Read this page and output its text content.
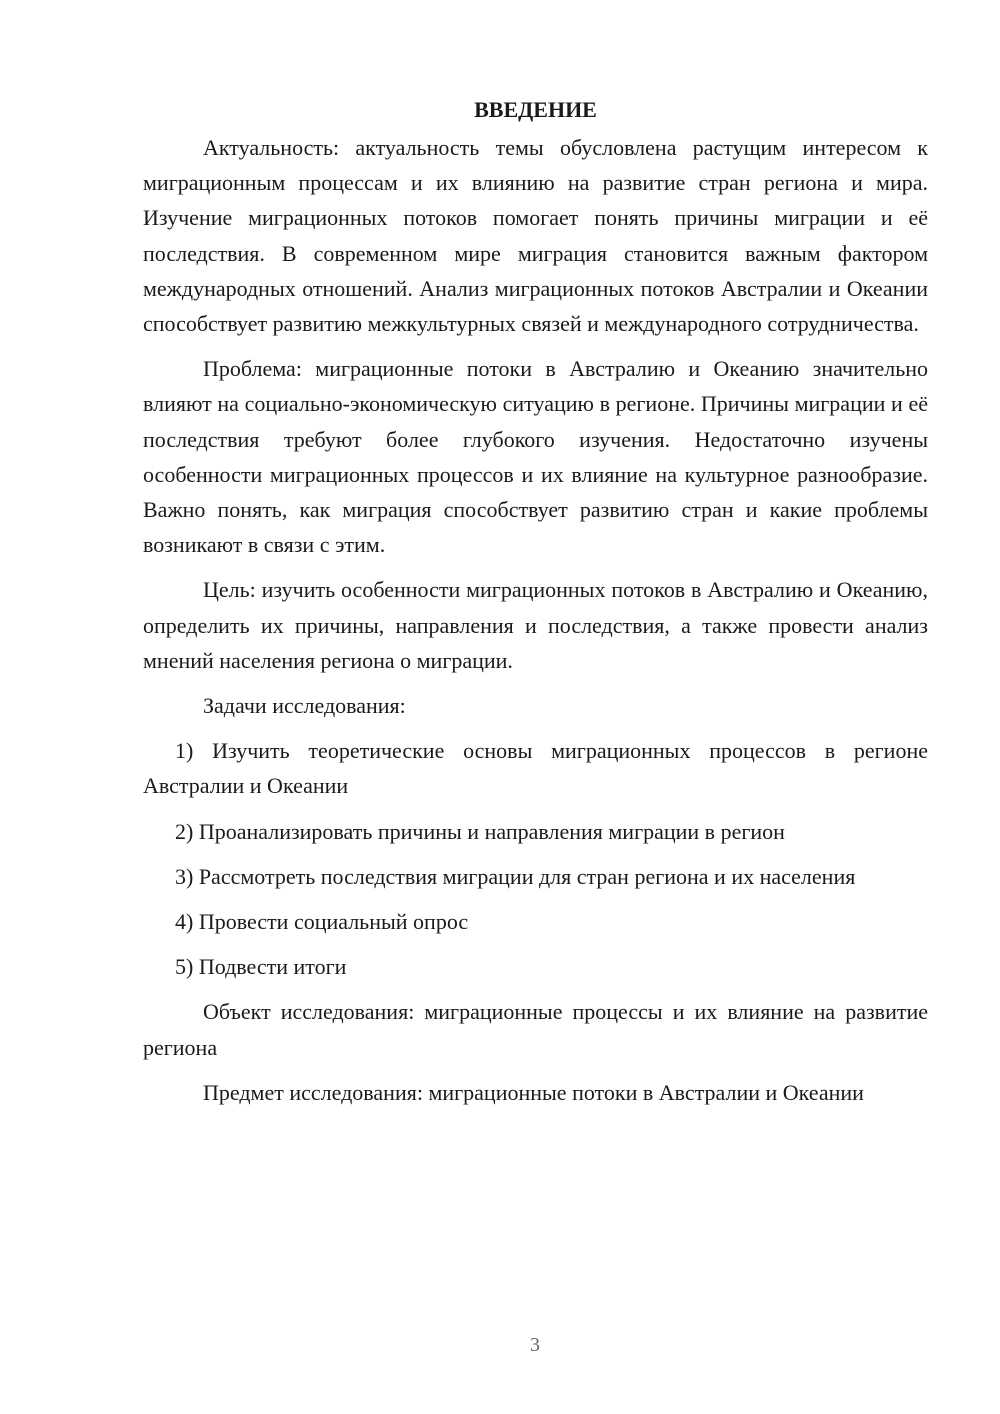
ВВЕДЕНИЕ

Актуальность: актуальность темы обусловлена растущим интересом к миграционным процессам и их влиянию на развитие стран региона и мира. Изучение миграционных потоков помогает понять причины миграции и её последствия. В современном мире миграция становится важным фактором международных отношений. Анализ миграционных потоков Австралии и Океании способствует развитию межкультурных связей и международного сотрудничества.

Проблема: миграционные потоки в Австралию и Океанию значительно влияют на социально-экономическую ситуацию в регионе. Причины миграции и её последствия требуют более глубокого изучения. Недостаточно изучены особенности миграционных процессов и их влияние на культурное разнообразие. Важно понять, как миграция способствует развитию стран и какие проблемы возникают в связи с этим.

Цель: изучить особенности миграционных потоков в Австралию и Океанию, определить их причины, направления и последствия, а также провести анализ мнений населения региона о миграции.

Задачи исследования:

1) Изучить теоретические основы миграционных процессов в регионе Австралии и Океании

2) Проанализировать причины и направления миграции в регион

3) Рассмотреть последствия миграции для стран региона и их населения

4) Провести социальный опрос

5) Подвести итоги

Объект исследования: миграционные процессы и их влияние на развитие региона

Предмет исследования: миграционные потоки в Австралии и Океании

3
